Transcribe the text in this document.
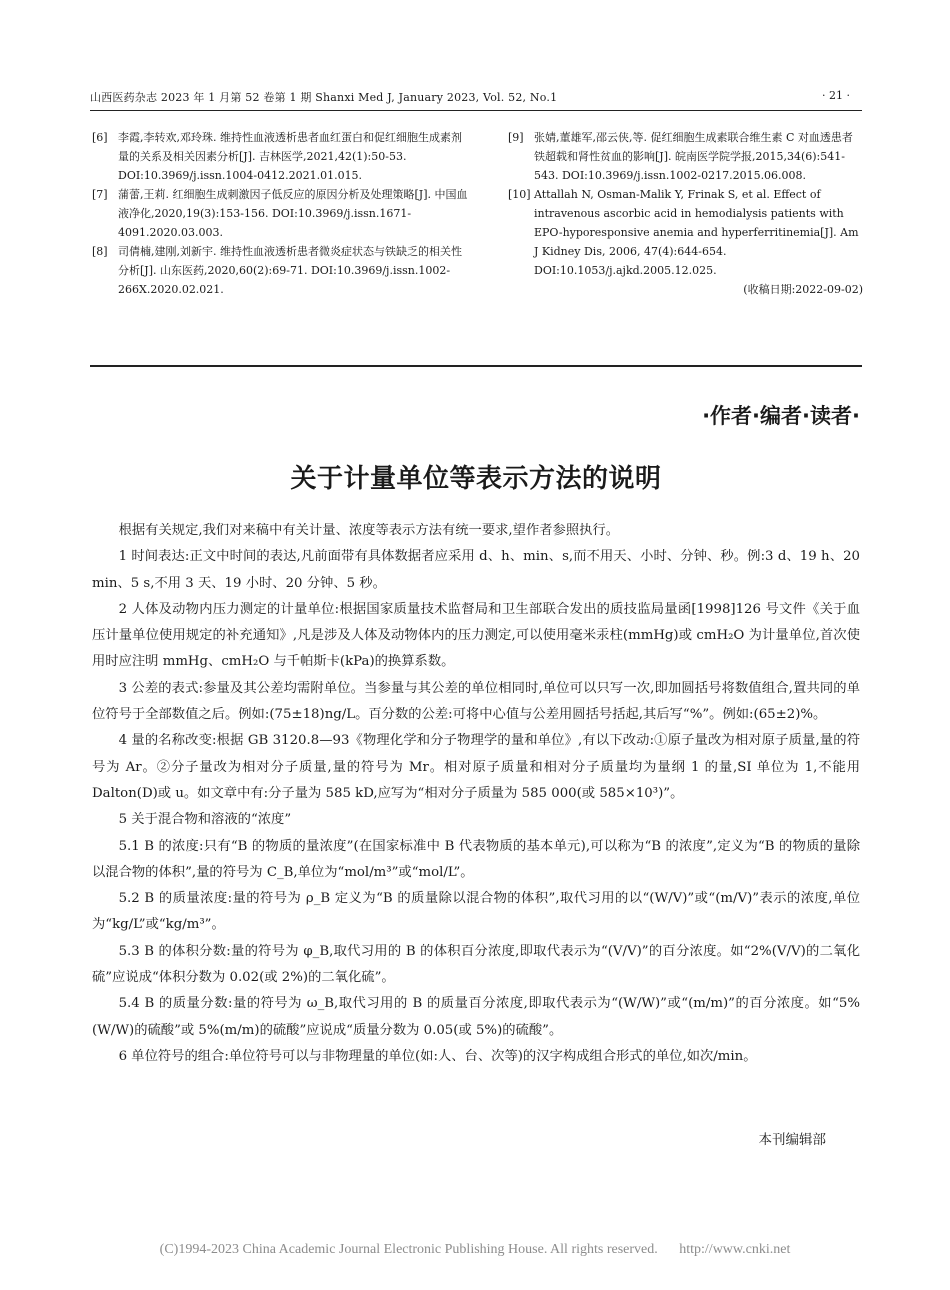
山西医药杂志 2023 年 1 月第 52 卷第 1 期 Shanxi Med J, January 2023, Vol. 52, No.1	· 21 ·
[6] 李霞,李转欢,邓玲珠. 维持性血液透析患者血红蛋白和促红细胞生成素剂量的关系及相关因素分析[J]. 吉林医学,2021,42(1):50-53. DOI:10.3969/j.issn.1004-0412.2021.01.015.
[7] 蒲蕾,王莉. 红细胞生成刺激因子低反应的原因分析及处理策略[J]. 中国血液净化,2020,19(3):153-156. DOI:10.3969/j.issn.1671-4091.2020.03.003.
[8] 司倩楠,建刚,刘新宇. 维持性血液透析患者微炎症状态与铁缺乏的相关性分析[J]. 山东医药,2020,60(2):69-71. DOI:10.3969/j.issn.1002-266X.2020.02.021.
[9] 张婧,董雄军,邵云侠,等. 促红细胞生成素联合维生素 C 对血透患者铁超载和肾性贫血的影响[J]. 皖南医学院学报,2015,34(6):541-543. DOI:10.3969/j.issn.1002-0217.2015.06.008.
[10] Attallah N, Osman-Malik Y, Frinak S, et al. Effect of intravenous ascorbic acid in hemodialysis patients with EPO-hyporesponsive anemia and hyperferritinemia[J]. Am J Kidney Dis, 2006, 47(4):644-654. DOI:10.1053/j.ajkd.2005.12.025.
(收稿日期:2022-09-02)
·作者·编者·读者·
关于计量单位等表示方法的说明

根据有关规定,我们对来稿中有关计量、浓度等表示方法有统一要求,望作者参照执行。

1 时间表达:正文中时间的表达,凡前面带有具体数据者应采用 d、h、min、s,而不用天、小时、分钟、秒。例:3 d、19 h、20 min、5 s,不用 3 天、19 小时、20 分钟、5 秒。

2 人体及动物内压力测定的计量单位:根据国家质量技术监督局和卫生部联合发出的质技监局量函[1998]126 号文件《关于血压计量单位使用规定的补充通知》,凡是涉及人体及动物体内的压力测定,可以使用毫米汞柱(mmHg)或 cmH₂O 为计量单位,首次使用时应注明 mmHg、cmH₂O 与千帕斯卡(kPa)的换算系数。

3 公差的表式:参量及其公差均需附单位。当参量与其公差的单位相同时,单位可以只写一次,即加圆括号将数值组合,置共同的单位符号于全部数值之后。例如:(75±18)ng/L。百分数的公差:可将中心值与公差用圆括号括起,其后写“%”。例如:(65±2)%。

4 量的名称改变:根据 GB 3120.8—93《物理化学和分子物理学的量和单位》,有以下改动:①原子量改为相对原子质量,量的符号为 Ar。②分子量改为相对分子质量,量的符号为 Mr。相对原子质量和相对分子质量均为量纲 1 的量,SI 单位为 1,不能用 Dalton(D)或 u。如文章中有:分子量为 585 kD,应写为“相对分子质量为 585 000(或 585×10³)”。

5 关于混合物和溶液的“浓度”

5.1 B 的浓度:只有“B 的物质的量浓度”(在国家标准中 B 代表物质的基本单元),可以称为“B 的浓度”,定义为“B 的物质的量除以混合物的体积”,量的符号为 C_B,单位为“mol/m³”或“mol/L”。

5.2 B 的质量浓度:量的符号为 ρ_B 定义为“B 的质量除以混合物的体积”,取代习用的以“(W/V)”或“(m/V)”表示的浓度,单位为“kg/L”或“kg/m³”。

5.3 B 的体积分数:量的符号为 φ_B,取代习用的 B 的体积百分浓度,即取代表示为“(V/V)”的百分浓度。如“2%(V/V)的二氧化硫”应说成“体积分数为 0.02(或 2%)的二氧化硫”。

5.4 B 的质量分数:量的符号为 ω_B,取代习用的 B 的质量百分浓度,即取代表示为“(W/W)”或“(m/m)”的百分浓度。如“5%(W/W)的硫酸”或 5%(m/m)的硫酸”应说成“质量分数为 0.05(或 5%)的硫酸”。

6 单位符号的组合:单位符号可以与非物理量的单位(如:人、台、次等)的汉字构成组合形式的单位,如次/min。

本刊编辑部
(C)1994-2023 China Academic Journal Electronic Publishing House. All rights reserved. http://www.cnki.net
